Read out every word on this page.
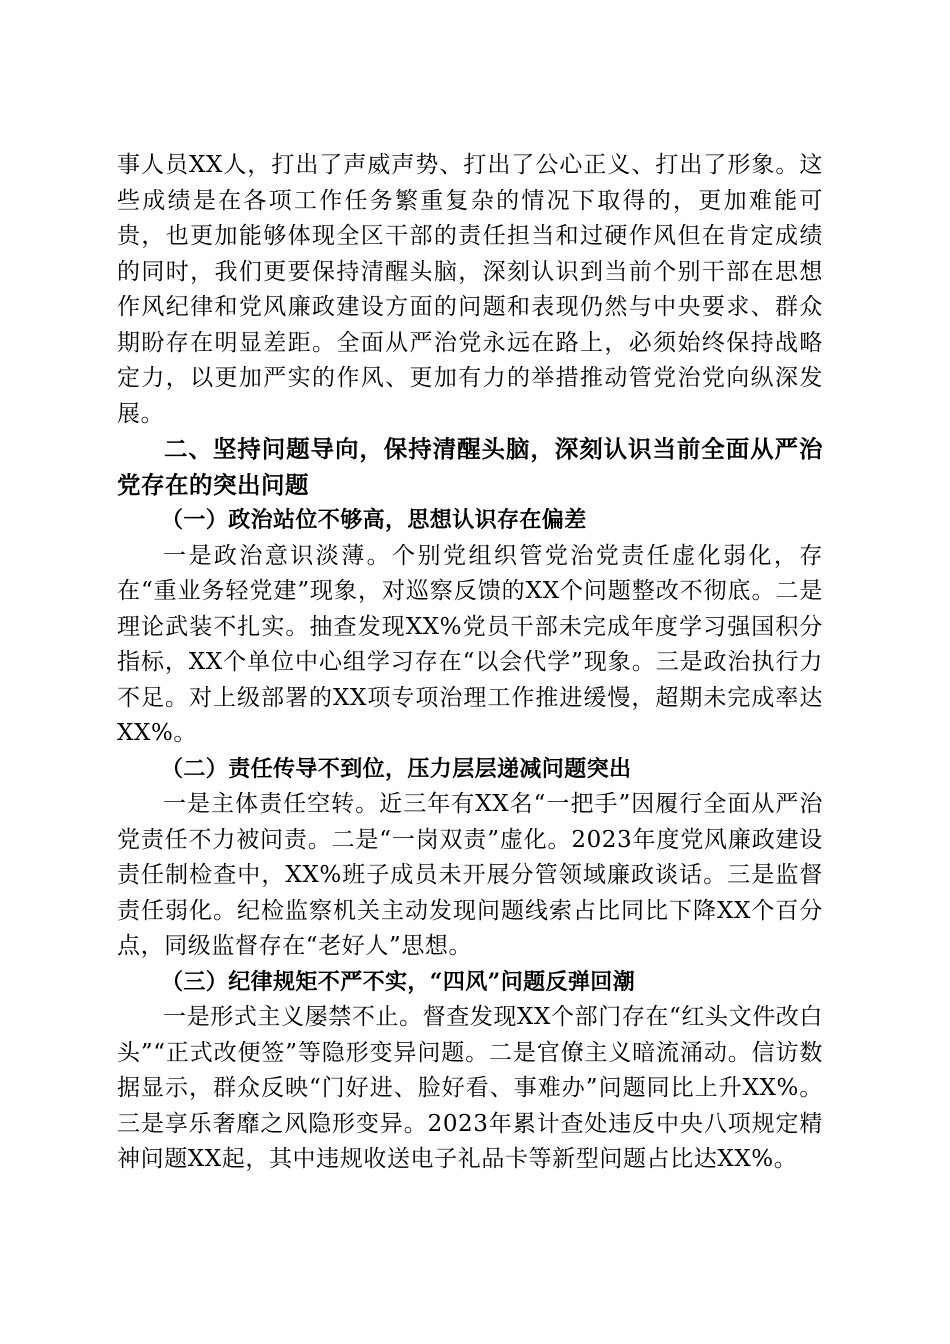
事人员XX人，打出了声威声势、打出了公心正义、打出了形象。这些成绩是在各项工作任务繁重复杂的情况下取得的，更加难能可贵，也更加能够体现全区干部的责任担当和过硬作风但在肯定成绩的同时，我们更要保持清醒头脑，深刻认识到当前个别干部在思想作风纪律和党风廉政建设方面的问题和表现仍然与中央要求、群众期盼存在明显差距。全面从严治党永远在路上，必须始终保持战略定力，以更加严实的作风、更加有力的举措推动管党治党向纵深发展。

二、坚持问题导向，保持清醒头脑，深刻认识当前全面从严治党存在的突出问题

（一）政治站位不够高，思想认识存在偏差

一是政治意识淡薄。个别党组织管党治党责任虚化弱化，存在“重业务轻党建”现象，对巡察反馈的XX个问题整改不彻底。二是理论武装不扎实。抽查发现XX%党员干部未完成年度学习强国积分指标，XX个单位中心组学习存在“以会代学”现象。三是政治执行力不足。对上级部署的XX项专项治理工作推进缓慢，超期未完成率达XX%。

（二）责任传导不到位，压力层层递减问题突出

一是主体责任空转。近三年有XX名“一把手”因履行全面从严治党责任不力被问责。二是“一岗双责”虚化。2023年度党风廉政建设责任制检查中，XX%班子成员未开展分管领域廉政谈话。三是监督责任弱化。纪检监察机关主动发现问题线索占比同比下降XX个百分点，同级监督存在“老好人”思想。

（三）纪律规矩不严不实，“四风”问题反弹回潮

一是形式主义屡禁不止。督查发现XX个部门存在“红头文件改白头”“正式改便签”等隐形变异问题。二是官僚主义暗流涌动。信访数据显示，群众反映“门好进、脸好看、事难办”问题同比上升XX%。三是享乐奢靡之风隐形变异。2023年累计查处违反中央八项规定精神问题XX起，其中违规收送电子礼品卡等新型问题占比达XX%。
